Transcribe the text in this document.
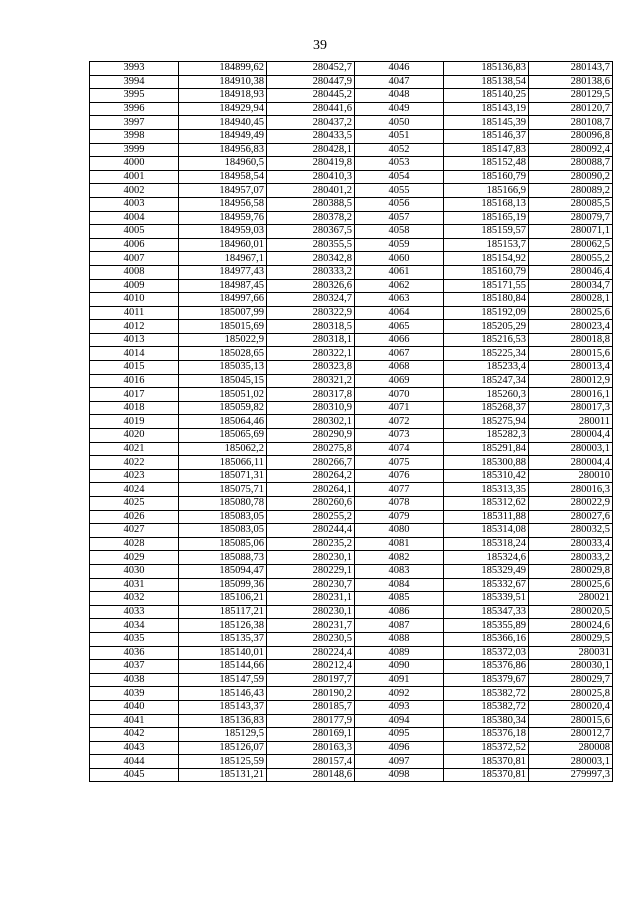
39
3993	184899,62	280452,7	4046	185136,83	280143,7
3994	184910,38	280447,9	4047	185138,54	280138,6
3995	184918,93	280445,2	4048	185140,25	280129,5
3996	184929,94	280441,6	4049	185143,19	280120,7
3997	184940,45	280437,2	4050	185145,39	280108,7
3998	184949,49	280433,5	4051	185146,37	280096,8
3999	184956,83	280428,1	4052	185147,83	280092,4
4000	184960,5	280419,8	4053	185152,48	280088,7
4001	184958,54	280410,3	4054	185160,79	280090,2
4002	184957,07	280401,2	4055	185166,9	280089,2
4003	184956,58	280388,5	4056	185168,13	280085,5
4004	184959,76	280378,2	4057	185165,19	280079,7
4005	184959,03	280367,5	4058	185159,57	280071,1
4006	184960,01	280355,5	4059	185153,7	280062,5
4007	184967,1	280342,8	4060	185154,92	280055,2
4008	184977,43	280333,2	4061	185160,79	280046,4
4009	184987,45	280326,6	4062	185171,55	280034,7
4010	184997,66	280324,7	4063	185180,84	280028,1
4011	185007,99	280322,9	4064	185192,09	280025,6
4012	185015,69	280318,5	4065	185205,29	280023,4
4013	185022,9	280318,1	4066	185216,53	280018,8
4014	185028,65	280322,1	4067	185225,34	280015,6
4015	185035,13	280323,8	4068	185233,4	280013,4
4016	185045,15	280321,2	4069	185247,34	280012,9
4017	185051,02	280317,8	4070	185260,3	280016,1
4018	185059,82	280310,9	4071	185268,37	280017,3
4019	185064,46	280302,1	4072	185275,94	280011
4020	185065,69	280290,9	4073	185282,3	280004,4
4021	185062,2	280275,8	4074	185291,84	280003,1
4022	185066,11	280266,7	4075	185300,88	280004,4
4023	185071,31	280264,2	4076	185310,42	280010
4024	185075,71	280264,1	4077	185313,35	280016,3
4025	185080,78	280260,6	4078	185312,62	280022,9
4026	185083,05	280255,2	4079	185311,88	280027,6
4027	185083,05	280244,4	4080	185314,08	280032,5
4028	185085,06	280235,2	4081	185318,24	280033,4
4029	185088,73	280230,1	4082	185324,6	280033,2
4030	185094,47	280229,1	4083	185329,49	280029,8
4031	185099,36	280230,7	4084	185332,67	280025,6
4032	185106,21	280231,1	4085	185339,51	280021
4033	185117,21	280230,1	4086	185347,33	280020,5
4034	185126,38	280231,7	4087	185355,89	280024,6
4035	185135,37	280230,5	4088	185366,16	280029,5
4036	185140,01	280224,4	4089	185372,03	280031
4037	185144,66	280212,4	4090	185376,86	280030,1
4038	185147,59	280197,7	4091	185379,67	280029,7
4039	185146,43	280190,2	4092	185382,72	280025,8
4040	185143,37	280185,7	4093	185382,72	280020,4
4041	185136,83	280177,9	4094	185380,34	280015,6
4042	185129,5	280169,1	4095	185376,18	280012,7
4043	185126,07	280163,3	4096	185372,52	280008
4044	185125,59	280157,4	4097	185370,81	280003,1
4045	185131,21	280148,6	4098	185370,81	279997,3
